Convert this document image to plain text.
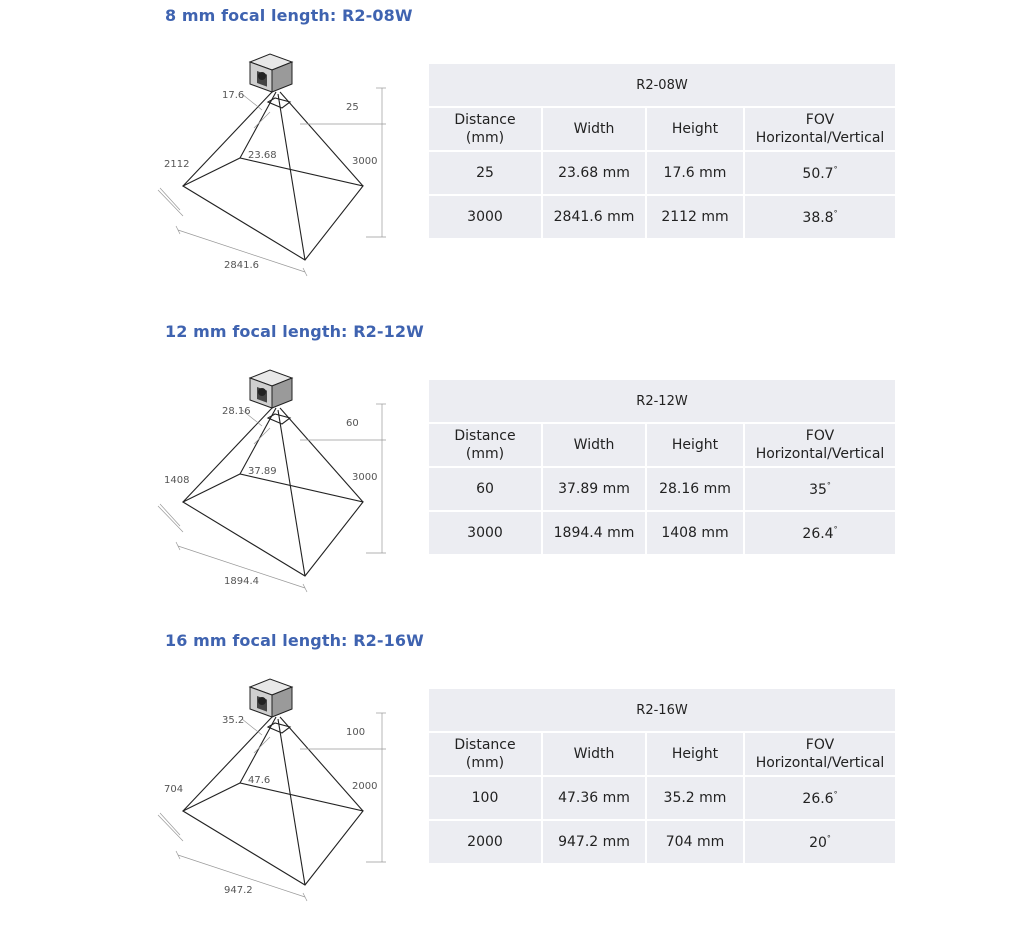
8 mm focal length: R2-08W
17.6
23.68
25
2112
2841.6
3000
R2-08W			
Distance
(mm)	Width	Height	FOV
Horizontal/Vertical
25	23.68 mm	17.6 mm	50.7°
3000	2841.6 mm	2112 mm	38.8°
12 mm focal length: R2-12W
28.16
37.89
60
1408
1894.4
3000
R2-12W			
Distance
(mm)	Width	Height	FOV
Horizontal/Vertical
60	37.89 mm	28.16 mm	35°
3000	1894.4 mm	1408 mm	26.4°
16 mm focal length: R2-16W
35.2
47.6
100
704
947.2
2000
R2-16W			
Distance
(mm)	Width	Height	FOV
Horizontal/Vertical
100	47.36 mm	35.2 mm	26.6°
2000	947.2 mm	704 mm	20°
